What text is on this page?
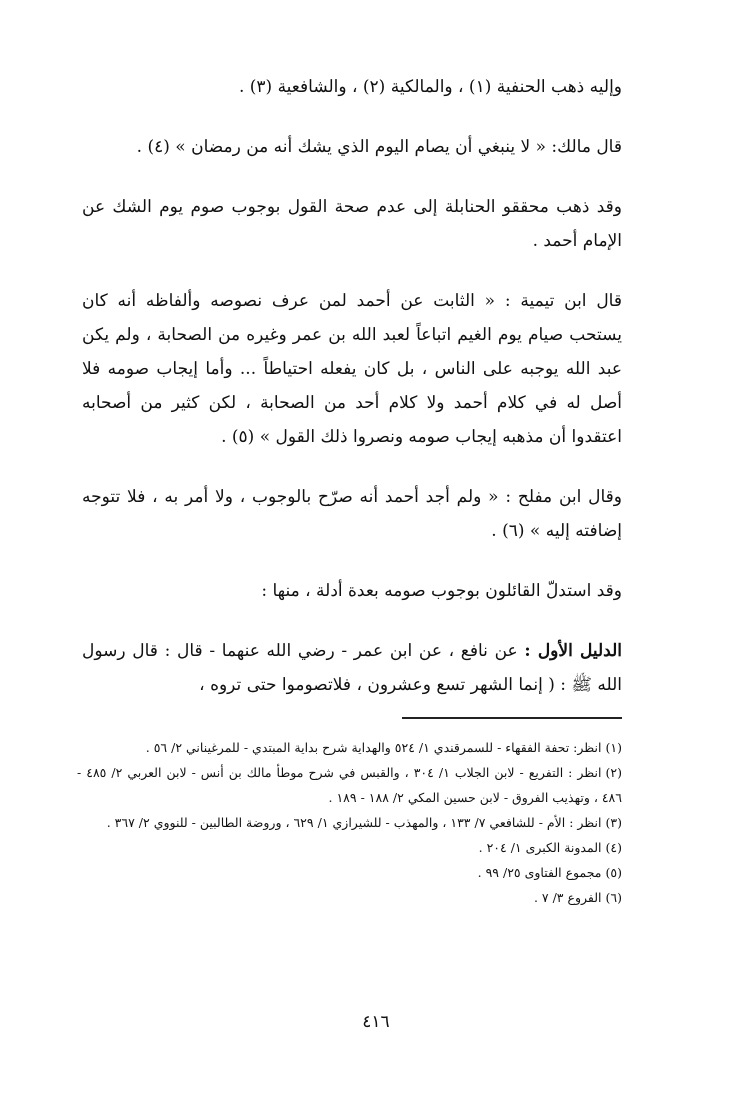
وإليه ذهب الحنفية (١) ، والمالكية (٢) ، والشافعية (٣) .

قال مالك: « لا ينبغي أن يصام اليوم الذي يشك أنه من رمضان » (٤) .

وقد ذهب محققو الحنابلة إلى عدم صحة القول بوجوب صوم يوم الشك عن الإمام أحمد .

قال ابن تيمية : « الثابت عن أحمد لمن عرف نصوصه وألفاظه أنه كان يستحب صيام يوم الغيم اتباعاً لعبد الله بن عمر وغيره من الصحابة ، ولم يكن عبد الله يوجبه على الناس ، بل كان يفعله احتياطاً ... وأما إيجاب صومه فلا أصل له في كلام أحمد ولا كلام أحد من الصحابة ، لكن كثير من أصحابه اعتقدوا أن مذهبه إيجاب صومه ونصروا ذلك القول » (٥) .

وقال ابن مفلح : « ولم أجد أحمد أنه صرّح بالوجوب ، ولا أمر به ، فلا تتوجه إضافته إليه » (٦) .

وقد استدلّ القائلون بوجوب صومه بعدة أدلة ، منها :

الدليل الأول : عن نافع ، عن ابن عمر - رضي الله عنهما - قال : قال رسول الله ﷺ : ( إنما الشهر تسع وعشرون ، فلاتصوموا حتى تروه ،

(١)انظر: تحفة الفقهاء - للسمرقندي ١/ ٥٢٤ والهداية شرح بداية المبتدي - للمرغيناني ٢/ ٥٦ .

(٢)انظر : التفريع - لابن الجلاب ١/ ٣٠٤ ، والقبس في شرح موطأ مالك بن أنس - لابن العربي ٢/ ٤٨٥ - ٤٨٦ ، وتهذيب الفروق - لابن حسين المكي ٢/ ١٨٨ - ١٨٩ .

(٣)انظر : الأم - للشافعي ٧/ ١٣٣ ، والمهذب - للشيرازي ١/ ٦٢٩ ، وروضة الطالبين - للنووي ٢/ ٣٦٧ .

(٤)المدونة الكبرى ١/ ٢٠٤ .

(٥)مجموع الفتاوى ٢٥/ ٩٩ .

(٦)الفروع ٣/ ٧ .

٤١٦
